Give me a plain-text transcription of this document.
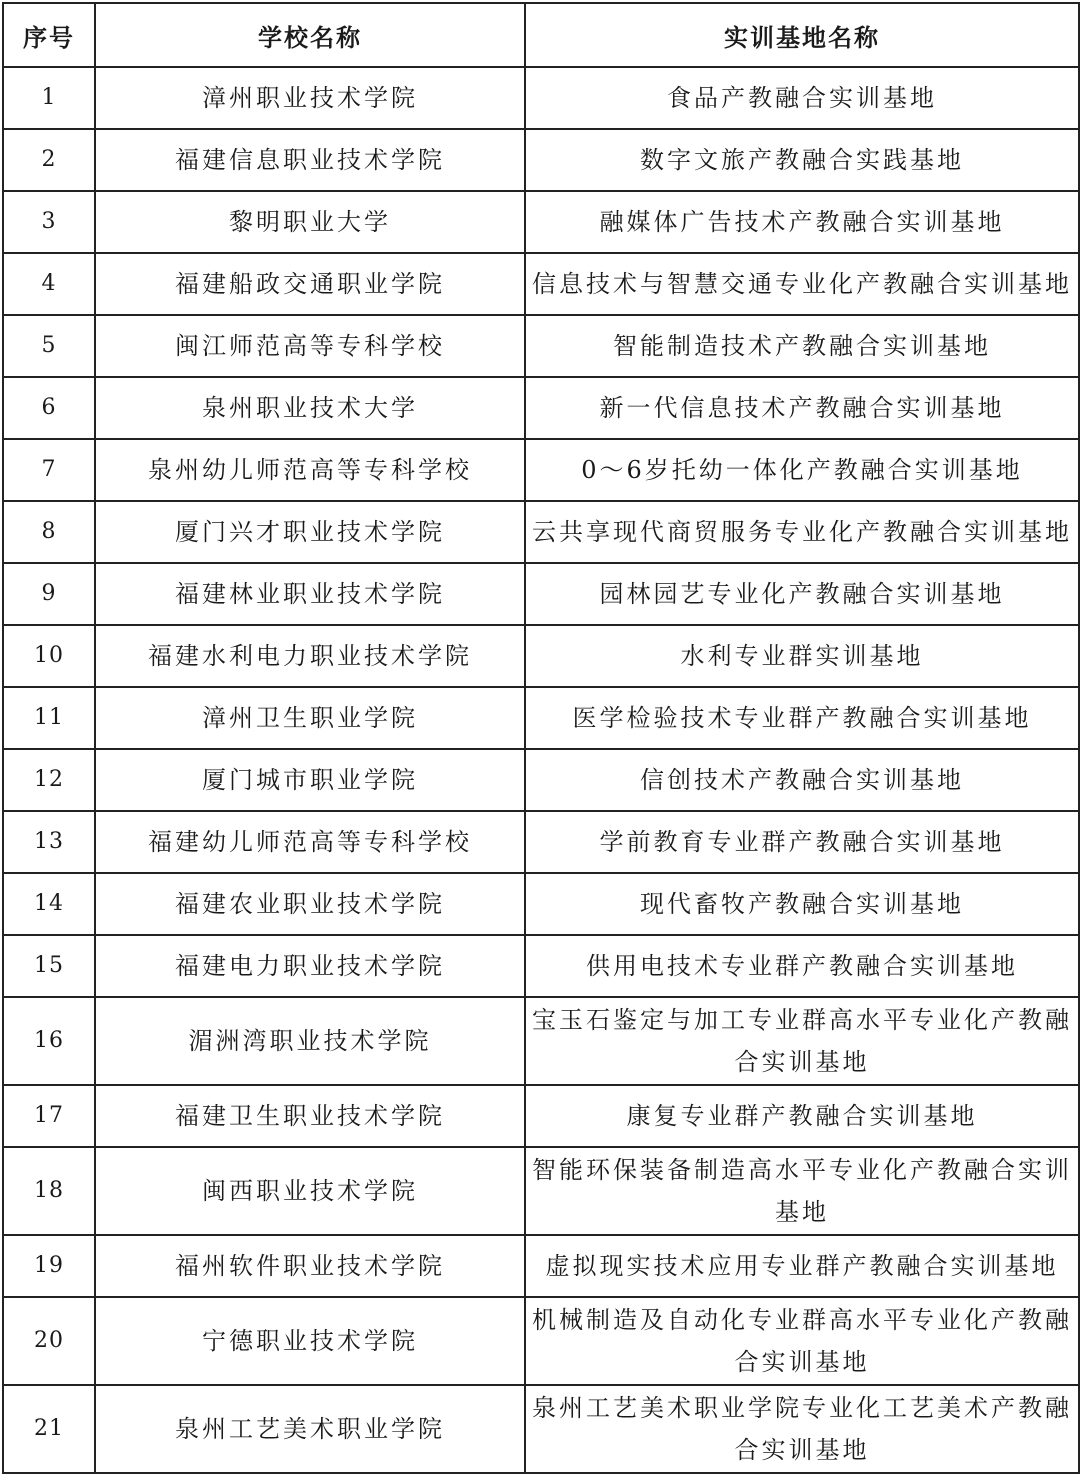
序号	学校名称	实训基地名称
1	漳州职业技术学院	食品产教融合实训基地
2	福建信息职业技术学院	数字文旅产教融合实践基地
3	黎明职业大学	融媒体广告技术产教融合实训基地
4	福建船政交通职业学院	信息技术与智慧交通专业化产教融合实训基地
5	闽江师范高等专科学校	智能制造技术产教融合实训基地
6	泉州职业技术大学	新一代信息技术产教融合实训基地
7	泉州幼儿师范高等专科学校	0～6岁托幼一体化产教融合实训基地
8	厦门兴才职业技术学院	云共享现代商贸服务专业化产教融合实训基地
9	福建林业职业技术学院	园林园艺专业化产教融合实训基地
10	福建水利电力职业技术学院	水利专业群实训基地
11	漳州卫生职业学院	医学检验技术专业群产教融合实训基地
12	厦门城市职业学院	信创技术产教融合实训基地
13	福建幼儿师范高等专科学校	学前教育专业群产教融合实训基地
14	福建农业职业技术学院	现代畜牧产教融合实训基地
15	福建电力职业技术学院	供用电技术专业群产教融合实训基地
16	湄洲湾职业技术学院	宝玉石鉴定与加工专业群高水平专业化产教融合实训基地
17	福建卫生职业技术学院	康复专业群产教融合实训基地
18	闽西职业技术学院	智能环保装备制造高水平专业化产教融合实训基地
19	福州软件职业技术学院	虚拟现实技术应用专业群产教融合实训基地
20	宁德职业技术学院	机械制造及自动化专业群高水平专业化产教融合实训基地
21	泉州工艺美术职业学院	泉州工艺美术职业学院专业化工艺美术产教融合实训基地
